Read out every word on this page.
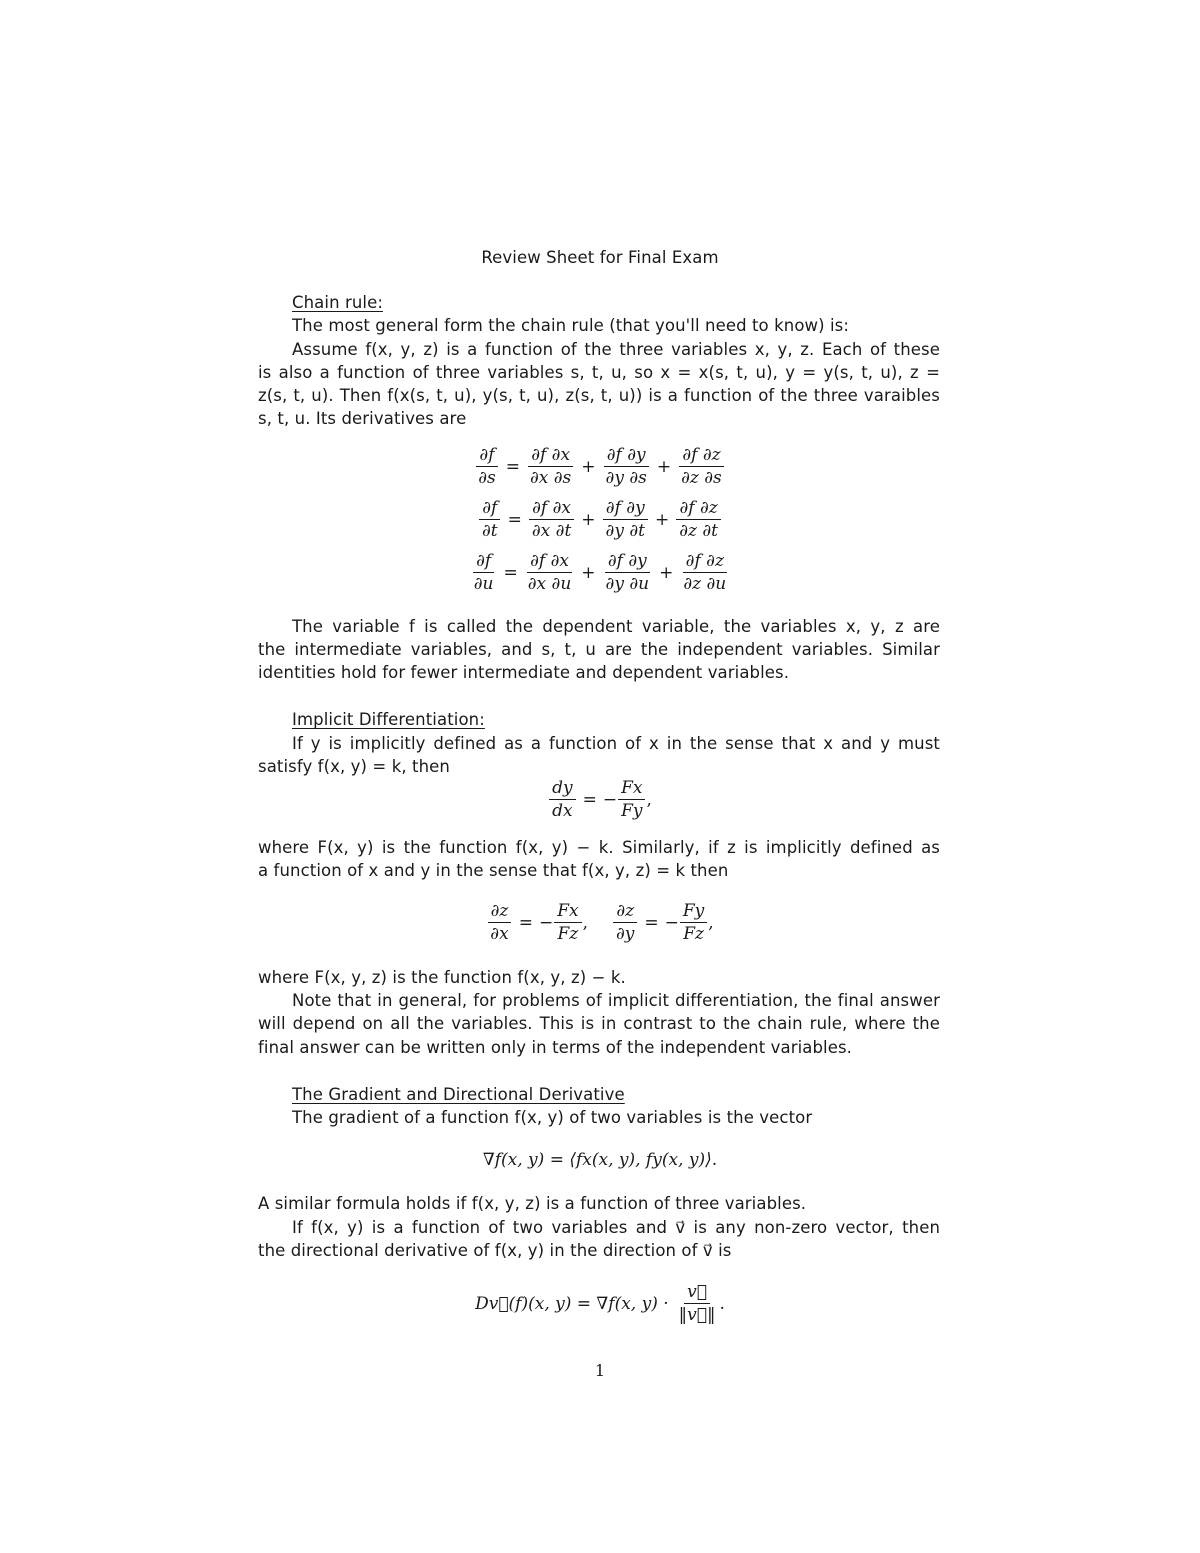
Review Sheet for Final Exam
Chain rule:
The most general form the chain rule (that you'll need to know) is:
Assume f(x, y, z) is a function of the three variables x, y, z. Each of these
is also a function of three variables s, t, u, so x = x(s, t, u), y = y(s, t, u), z =
z(s, t, u). Then f(x(s, t, u), y(s, t, u), z(s, t, u)) is a function of the three varaibles
s, t, u. Its derivatives are
$\frac{\partial f}{\partial s} = \frac{\partial f \partial x}{\partial x \partial s} + \frac{\partial f \partial y}{\partial y \partial s} + \frac{\partial f \partial z}{\partial z \partial s}$
$\frac{\partial f}{\partial t} = \frac{\partial f \partial x}{\partial x \partial t} + \frac{\partial f \partial y}{\partial y \partial t} + \frac{\partial f \partial z}{\partial z \partial t}$
$\frac{\partial f}{\partial u} = \frac{\partial f \partial x}{\partial x \partial u} + \frac{\partial f \partial y}{\partial y \partial u} + \frac{\partial f \partial z}{\partial z \partial u}$
The variable f is called the dependent variable, the variables x, y, z are
the intermediate variables, and s, t, u are the independent variables. Similar
identities hold for fewer intermediate and dependent variables.
Implicit Differentiation:
If y is implicitly defined as a function of x in the sense that x and y must
satisfy f(x, y) = k, then
$\frac{dy}{dx}$ = − $\frac{Fx}{Fy}$ ,
where F(x, y) is the function f(x, y) − k. Similarly, if z is implicitly defined as
a function of x and y in the sense that f(x, y, z) = k then
$\frac{\partial z}{\partial x}$ = − $\frac{Fx}{Fz}$ , $\frac{\partial z}{\partial y}$ = − $\frac{Fy}{Fz}$ ,
where F(x, y, z) is the function f(x, y, z) − k.
Note that in general, for problems of implicit differentiation, the final answer
will depend on all the variables. This is in contrast to the chain rule, where the
final answer can be written only in terms of the independent variables.
The Gradient and Directional Derivative
The gradient of a function f(x, y) of two variables is the vector
∇f(x, y) = ⟨fx(x, y), fy(x, y)⟩.
A similar formula holds if f(x, y, z) is a function of three variables.
If f(x, y) is a function of two variables and v⃗ is any non-zero vector, then
the directional derivative of f(x, y) in the direction of v⃗ is
Dv⃗(f)(x, y) = ∇f(x, $y) \cdot \frac{v⃗}{‖v⃗‖}$ .
1
